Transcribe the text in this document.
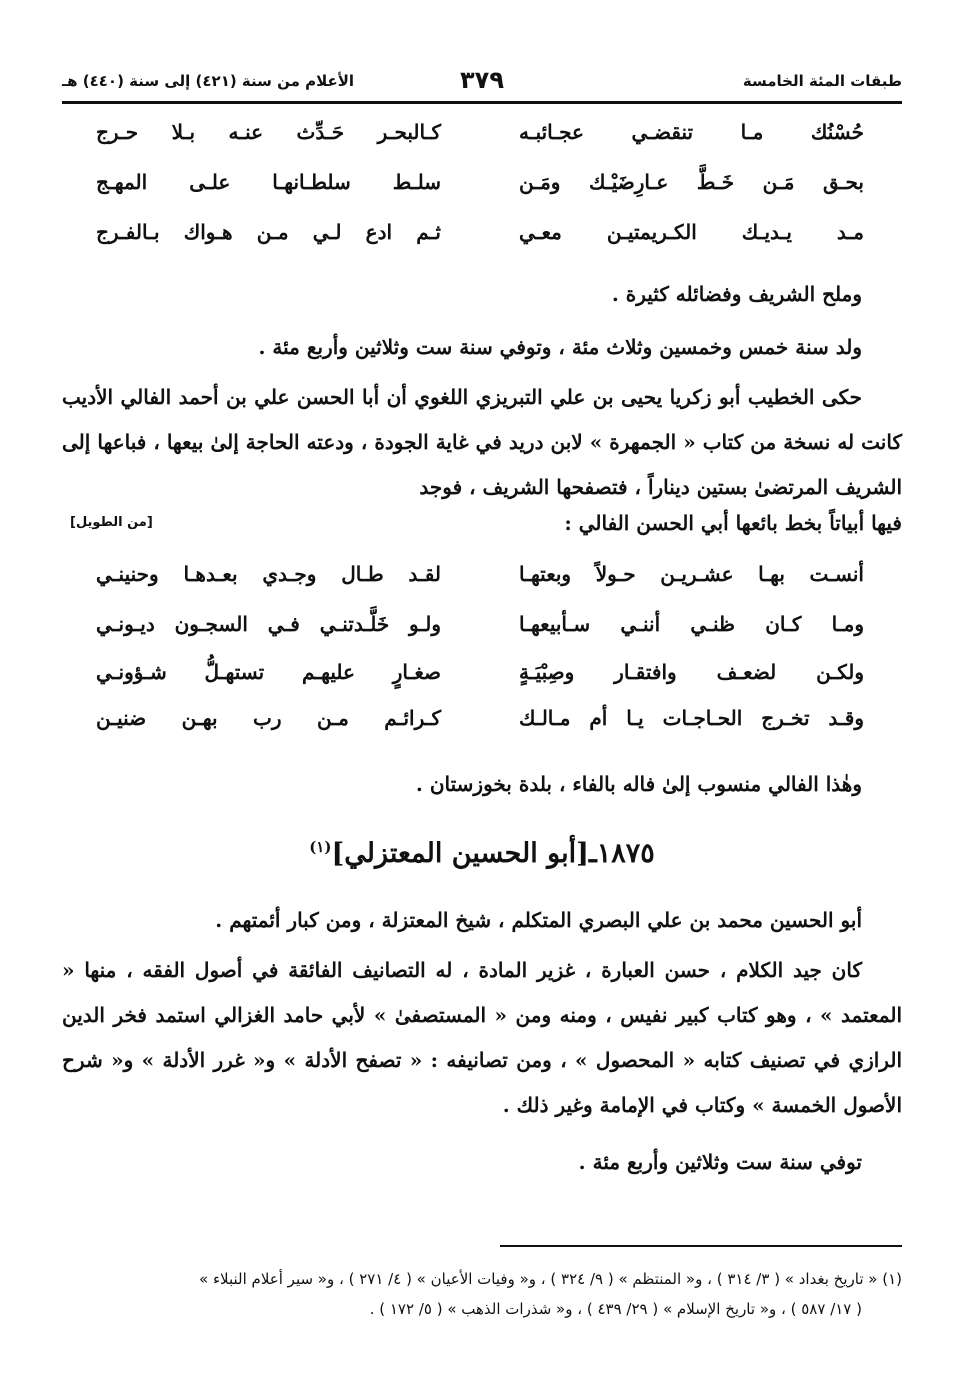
طبقات المئة الخامسة
٣٧٩
الأعلام من سنة (٤٢١) إلى سنة (٤٤٠) هـ
حُسْنُك مـا تنقضـي عجـائبـه
كـالبحـر حَـدِّث عنـه بـلا حـرج
بحـق مَـن خَـطَّ عـارِضَيْـك ومَـن
سلـط سلطـانهـا علـى المهـج
مـد يـديـك الكـريمتيـن معـي
ثـم ادع لـي مـن هـواك بـالفـرج
وملح الشريف وفضائله كثيرة .
ولد سنة خمس وخمسين وثلاث مئة ، وتوفي سنة ست وثلاثين وأربع مئة .
حكى الخطيب أبو زكريا يحيى بن علي التبريزي اللغوي أن أبا الحسن علي بن أحمد الفالي الأديب كانت له نسخة من كتاب « الجمهرة » لابن دريد في غاية الجودة ، ودعته الحاجة إلىٰ بيعها ، فباعها إلى الشريف المرتضىٰ بستين ديناراً ، فتصفحها الشريف ، فوجد
فيها أبياتاً بخط بائعها أبي الحسن الفالي :
[من الطويل]
أنسـت بهـا عشـريـن حـولاً وبعتهـا
لقـد طـال وجـدي بعـدهـا وحنينـي
ومـا كـان ظنـي أننـي سـأبيعهـا
ولـو خَلَّـدتنـي فـي السجـون ديـونـي
ولكـن لضعـف وافتقـار وصِبْيَـةٍ
صغـارٍ عليهـم تستهـلُّ شـؤونـي
وقـد تخـرج الحـاجـات يـا أم مـالـك
كـرائـم مـن رب بهـن ضنيـن
وهٰذا الفالي منسوب إلىٰ فاله بالفاء ، بلدة بخوزستان .
١٨٧٥ـ[أبو الحسين المعتزلي]$^{(١)}$
أبو الحسين محمد بن علي البصري المتكلم ، شيخ المعتزلة ، ومن كبار أئمتهم .
كان جيد الكلام ، حسن العبارة ، غزير المادة ، له التصانيف الفائقة في أصول الفقه ، منها « المعتمد » ، وهو كتاب كبير نفيس ، ومنه ومن « المستصفىٰ » لأبي حامد الغزالي استمد فخر الدين الرازي في تصنيف كتابه « المحصول » ، ومن تصانيفه : « تصفح الأدلة » و« غرر الأدلة » و« شرح الأصول الخمسة » وكتاب في الإمامة وغير ذلك .
توفي سنة ست وثلاثين وأربع مئة .
(١) « تاريخ بغداد » ( ٣/ ٣١٤ ) ، و« المنتظم » ( ٩/ ٣٢٤ ) ، و« وفيات الأعيان » ( ٤/ ٢٧١ ) ، و« سير أعلام النبلاء »
( ١٧/ ٥٨٧ ) ، و« تاريخ الإسلام » ( ٢٩/ ٤٣٩ ) ، و« شذرات الذهب » ( ٥/ ١٧٢ ) .
